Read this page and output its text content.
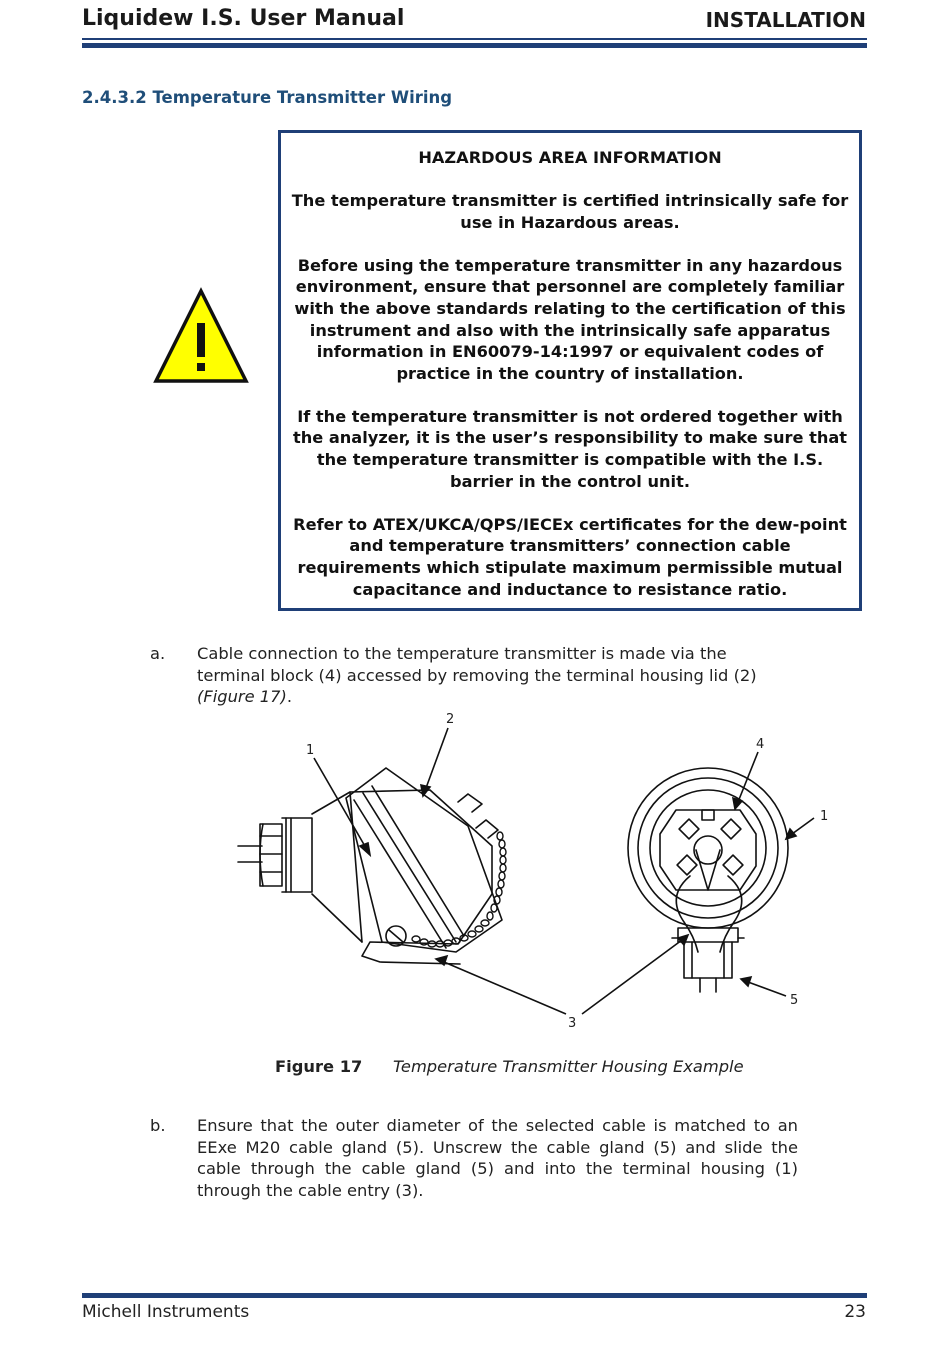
Liquidew I.S. User Manual	INSTALLATION
2.4.3.2 Temperature Transmitter Wiring

HAZARDOUS AREA INFORMATION

The temperature transmitter is certified intrinsically safe for use in Hazardous areas.

Before using the temperature transmitter in any hazardous environment, ensure that personnel are completely familiar with the above standards relating to the certification of this instrument and also with the intrinsically safe apparatus information in EN60079-14:1997 or equivalent codes of practice in the country of installation.

If the temperature transmitter is not ordered together with the analyzer, it is the user’s responsibility to make sure that the temperature transmitter is compatible with the I.S. barrier in the control unit.

Refer to ATEX/UKCA/QPS/IECEx certificates for the dew-point and temperature transmitters’ connection cable requirements which stipulate maximum permissible mutual capacitance and inductance to resistance ratio.

a. Cable connection to the temperature transmitter is made via the terminal block (4) accessed by removing the terminal housing lid (2) (Figure 17).
1
2
3
4
1
5
Figure 17 Temperature Transmitter Housing Example
b. Ensure that the outer diameter of the selected cable is matched to an EExe M20 cable gland (5). Unscrew the cable gland (5) and slide the cable through the cable gland (5) and into the terminal housing (1) through the cable entry (3).
Michell Instruments	23
